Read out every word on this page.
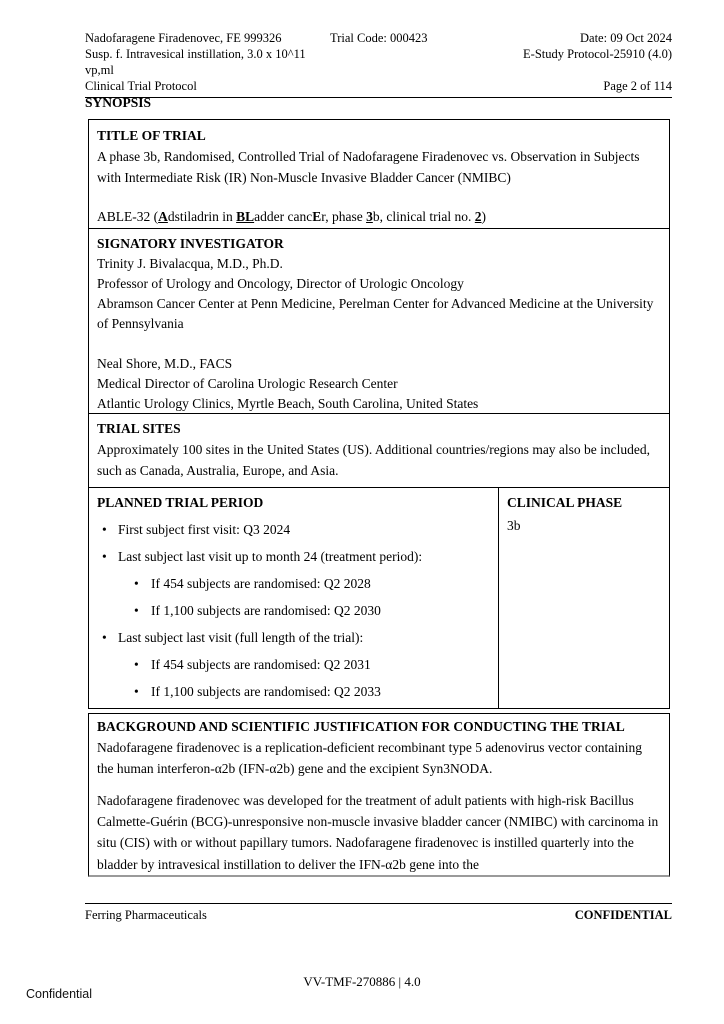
Nadofaragene Firadenovec, FE 999326	Trial Code: 000423	Date: 09 Oct 2024
Susp. f. Intravesical instillation, 3.0 x 10^11 vp,ml
E-Study Protocol-25910 (4.0)
Clinical Trial Protocol	Page 2 of 114
SYNOPSIS
TITLE OF TRIAL
A phase 3b, Randomised, Controlled Trial of Nadofaragene Firadenovec vs. Observation in Subjects with Intermediate Risk (IR) Non-Muscle Invasive Bladder Cancer (NMIBC)
ABLE-32 (Adstiladrin in BLadder cancEr, phase 3b, clinical trial no. 2)
SIGNATORY INVESTIGATOR
Trinity J. Bivalacqua, M.D., Ph.D.
Professor of Urology and Oncology, Director of Urologic Oncology
Abramson Cancer Center at Penn Medicine, Perelman Center for Advanced Medicine at the University of Pennsylvania

Neal Shore, M.D., FACS
Medical Director of Carolina Urologic Research Center
Atlantic Urology Clinics, Myrtle Beach, South Carolina, United States
TRIAL SITES
Approximately 100 sites in the United States (US). Additional countries/regions may also be included, such as Canada, Australia, Europe, and Asia.
PLANNED TRIAL PERIOD
• First subject first visit: Q3 2024
• Last subject last visit up to month 24 (treatment period):
• If 454 subjects are randomised: Q2 2028
• If 1,100 subjects are randomised: Q2 2030
• Last subject last visit (full length of the trial):
• If 454 subjects are randomised: Q2 2031
• If 1,100 subjects are randomised: Q2 2033
CLINICAL PHASE
3b
BACKGROUND AND SCIENTIFIC JUSTIFICATION FOR CONDUCTING THE TRIAL
Nadofaragene firadenovec is a replication-deficient recombinant type 5 adenovirus vector containing the human interferon-α2b (IFN-α2b) gene and the excipient Syn3NODA.
Nadofaragene firadenovec was developed for the treatment of adult patients with high-risk Bacillus Calmette-Guérin (BCG)-unresponsive non-muscle invasive bladder cancer (NMIBC) with carcinoma in situ (CIS) with or without papillary tumors. Nadofaragene firadenovec is instilled quarterly into the bladder by intravesical instillation to deliver the IFN-α2b gene into the
Ferring Pharmaceuticals	CONFIDENTIAL
VV-TMF-270886 | 4.0
Confidential
